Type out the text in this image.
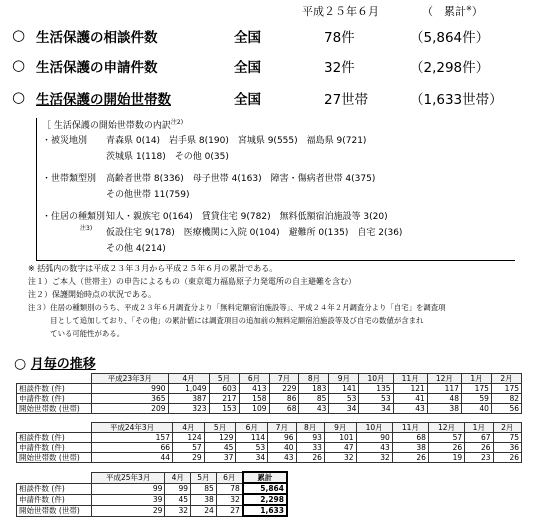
平成２５年６月	（　累計※）
○ 生活保護の相談件数	全国	78件	（5,864件）
○ 生活保護の申請件数	全国	32件	（2,298件）
○ 生活保護の開始世帯数	全国	27世帯	（1,633世帯）
［ 生活保護の開始世帯数の内訳$^{注2)}$
・被災地別 青森県 0(14)　岩手県 8(190)　宮城県 9(555)　福島県 9(721)
茨城県 1(118)　その他 0(35)
・世帯類型別 高齢者世帯 8(336)　母子世帯 4(163)　障害・傷病者世帯 4(375)
その他世帯 11(759)
・住居の種類別
注3)
知人・親族宅 0(164)　賃貸住宅 9(782)　無料低額宿泊施設等 3(20)
仮設住宅 9(178)　医療機関に入院 0(104)　避難所 0(135)　自宅 2(36)
その他 4(214)
※ 括弧内の数字は平成２３年３月から平成２５年６月の累計である。
注１）ご本人（世帯主）の申告によるもの（東京電力福島原子力発電所の自主避難を含む）
注２）保護開始時点の状況である。
注３）住居の種類別のうち、平成２３年６月調査分より「無料定額宿泊施設等」、平成２４年２月調査分より「自宅」を調査項
　　　目として追加しており、「その他」の累計値には調査項目の追加前の無料定額宿泊施設等及び自宅の数値が含まれ
　　　ている可能性がある。
○ 月毎の推移
	平成23年3月	4月	5月	6月	7月	8月	9月	10月	11月	12月	1月	2月
相談件数 (件)	990	1,049	603	413	229	183	141	135	121	117	175	175
申請件数 (件)	365	387	217	158	86	85	53	53	41	48	59	82
開始世帯数 (世帯)	209	323	153	109	68	43	34	34	43	38	40	56
	平成24年3月	4月	5月	6月	7月	8月	9月	10月	11月	12月	1月	2月
相談件数 (件)	157	124	129	114	96	93	101	90	68	57	67	75
申請件数 (件)	66	57	45	53	40	33	47	43	38	26	26	36
開始世帯数 (世帯)	44	29	37	34	43	26	32	32	26	19	23	26
	平成25年3月	4月	5月	6月	累計
相談件数 (件)	99	99	85	78	5,864
申請件数 (件)	39	45	38	32	2,298
開始世帯数 (世帯)	29	32	24	27	1,633
